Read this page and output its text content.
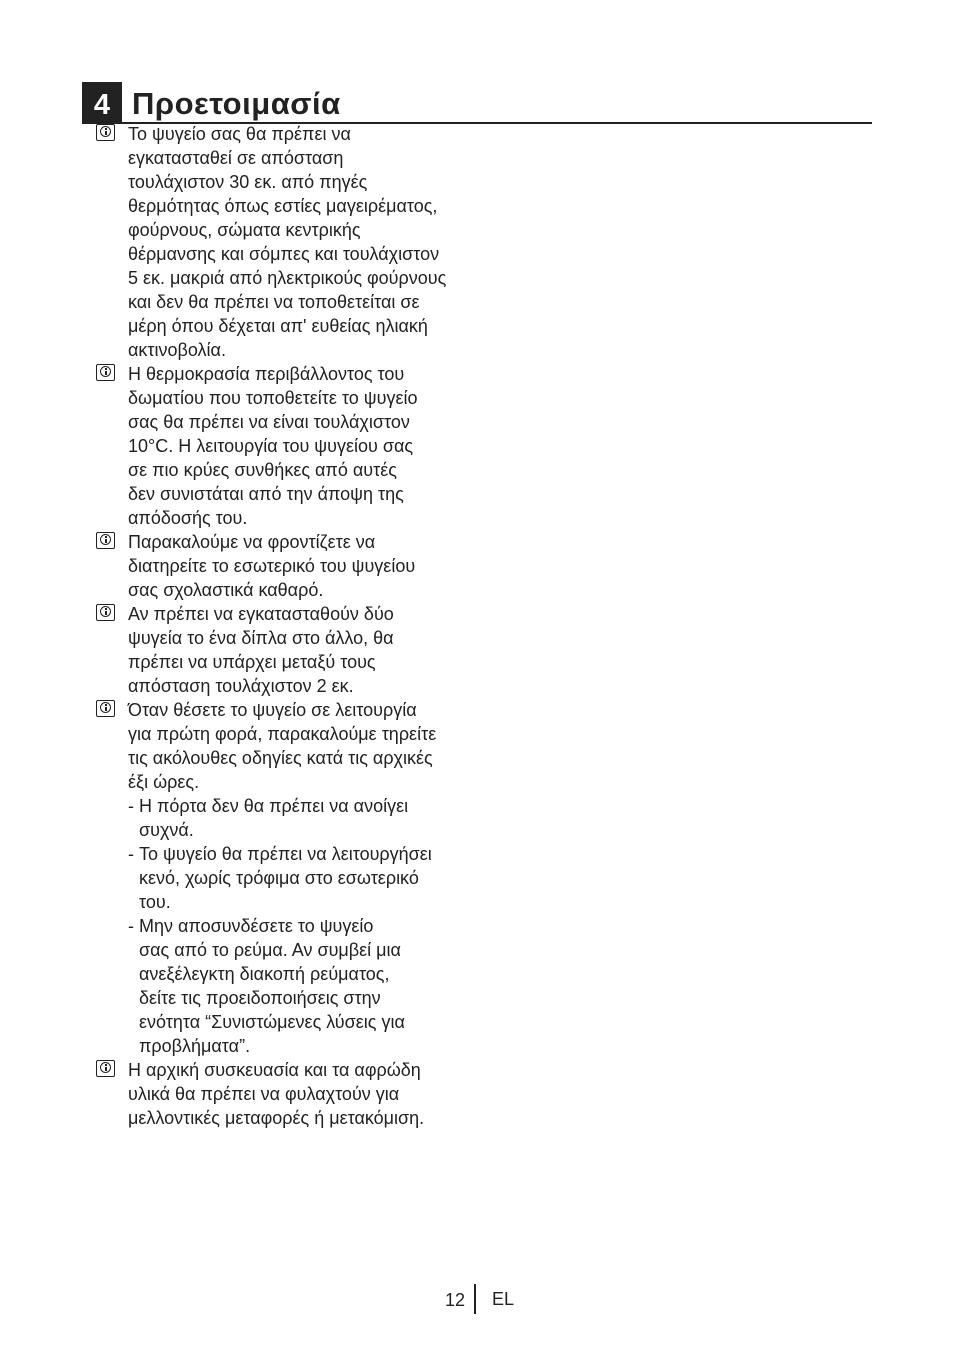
4 Προετοιμασία
Το ψυγείο σας θα πρέπει να
εγκατασταθεί σε απόσταση
τουλάχιστον 30 εκ. από πηγές
θερμότητας όπως εστίες μαγειρέματος,
φούρνους, σώματα κεντρικής
θέρμανσης και σόμπες και τουλάχιστον
5 εκ. μακριά από ηλεκτρικούς φούρνους
και δεν θα πρέπει να τοποθετείται σε
μέρη όπου δέχεται απ' ευθείας ηλιακή
ακτινοβολία.
Η θερμοκρασία περιβάλλοντος του
δωματίου που τοποθετείτε το ψυγείο
σας θα πρέπει να είναι τουλάχιστον
10°C. Η λειτουργία του ψυγείου σας
σε πιο κρύες συνθήκες από αυτές
δεν συνιστάται από την άποψη της
απόδοσής του.
Παρακαλούμε να φροντίζετε να
διατηρείτε το εσωτερικό του ψυγείου
σας σχολαστικά καθαρό.
Αν πρέπει να εγκατασταθούν δύο
ψυγεία το ένα δίπλα στο άλλο, θα
πρέπει να υπάρχει μεταξύ τους
απόσταση τουλάχιστον 2 εκ.
Όταν θέσετε το ψυγείο σε λειτουργία
για πρώτη φορά, παρακαλούμε τηρείτε
τις ακόλουθες οδηγίες κατά τις αρχικές
έξι ώρες.
- Η πόρτα δεν θα πρέπει να ανοίγει
συχνά.
- Το ψυγείο θα πρέπει να λειτουργήσει
κενό, χωρίς τρόφιμα στο εσωτερικό
του.
- Μην αποσυνδέσετε το ψυγείο
σας από το ρεύμα. Αν συμβεί μια
ανεξέλεγκτη διακοπή ρεύματος,
δείτε τις προειδοποιήσεις στην
ενότητα “Συνιστώμενες λύσεις για
προβλήματα”.
Η αρχική συσκευασία και τα αφρώδη
υλικά θα πρέπει να φυλαχτούν για
μελλοντικές μεταφορές ή μετακόμιση.
12 EL
